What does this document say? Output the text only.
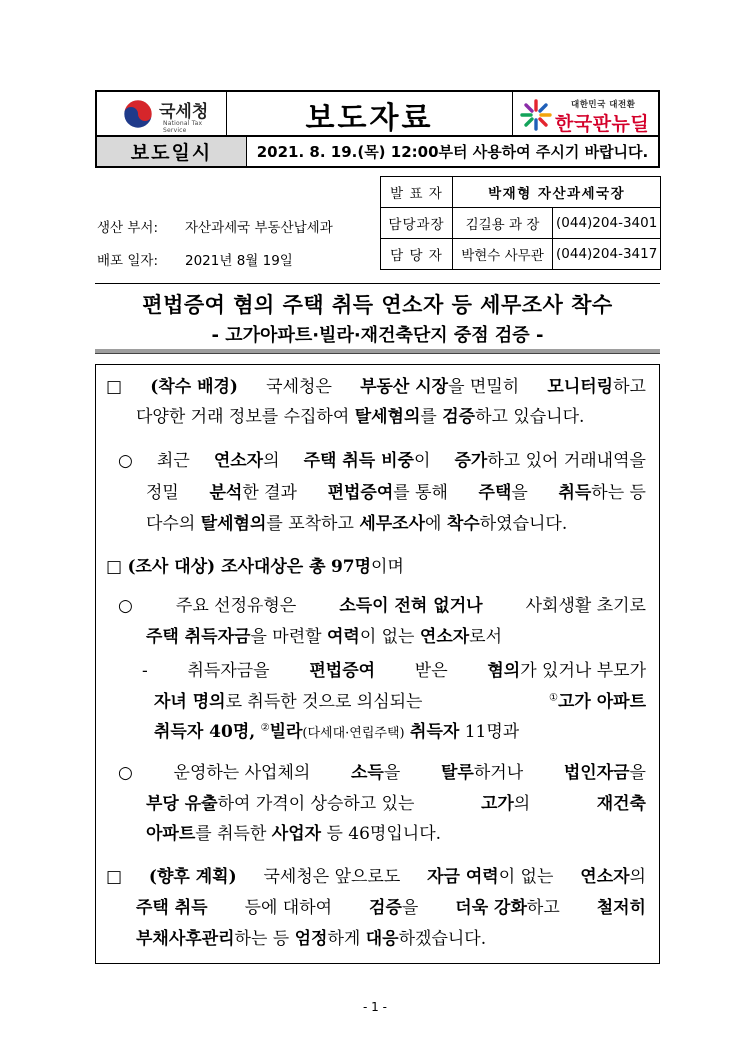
국세청
National Tax Service	보도자료	대한민국 대전환
한국판뉴딜
보도일시	2021. 8. 19.(목) 12:00부터 사용하여 주시기 바랍니다.
발 표 자	박재형 자산과세국장	
담당과장	김길용 과 장	(044)204-3401
담 당 자	박현수 사무관	(044)204-3417
생산 부서: 자산과세국 부동산납세과
배포 일자: 2021년 8월 19일
편법증여 혐의 주택 취득 연소자 등 세무조사 착수
- 고가아파트·빌라·재건축단지 중점 검증 -
□ (착수 배경) 국세청은 부동산 시장을 면밀히 모니터링하고
다양한 거래 정보를 수집하여 탈세혐의를 검증하고 있습니다.
○ 최근 연소자의 주택 취득 비중이 증가하고 있어 거래내역을
정밀 분석한 결과 편법증여를 통해 주택을 취득하는 등
다수의 탈세혐의를 포착하고 세무조사에 착수하였습니다.
□ (조사 대상) 조사대상은 총 97명이며
○	주요 선정유형은	소득이 전혀 없거나	사회생활 초기로
주택 취득자금을 마련할 여력이 없는 연소자로서
- 취득자금을 편법증여 받은 혐의가 있거나 부모가
자녀 명의로 취득한 것으로 의심되는	①고가 아파트
취득자 40명, ②빌라(다세대·연립주택) 취득자 11명과
○ 운영하는 사업체의 소득을 탈루하거나 법인자금을
부당 유출하여 가격이 상승하고 있는	고가의	재건축
아파트를 취득한 사업자 등 46명입니다.
□ (향후 계획) 국세청은 앞으로도 자금 여력이 없는 연소자의
주택 취득 등에 대하여 검증을 더욱 강화하고 철저히
부채사후관리하는 등 엄정하게 대응하겠습니다.
- 1 -
